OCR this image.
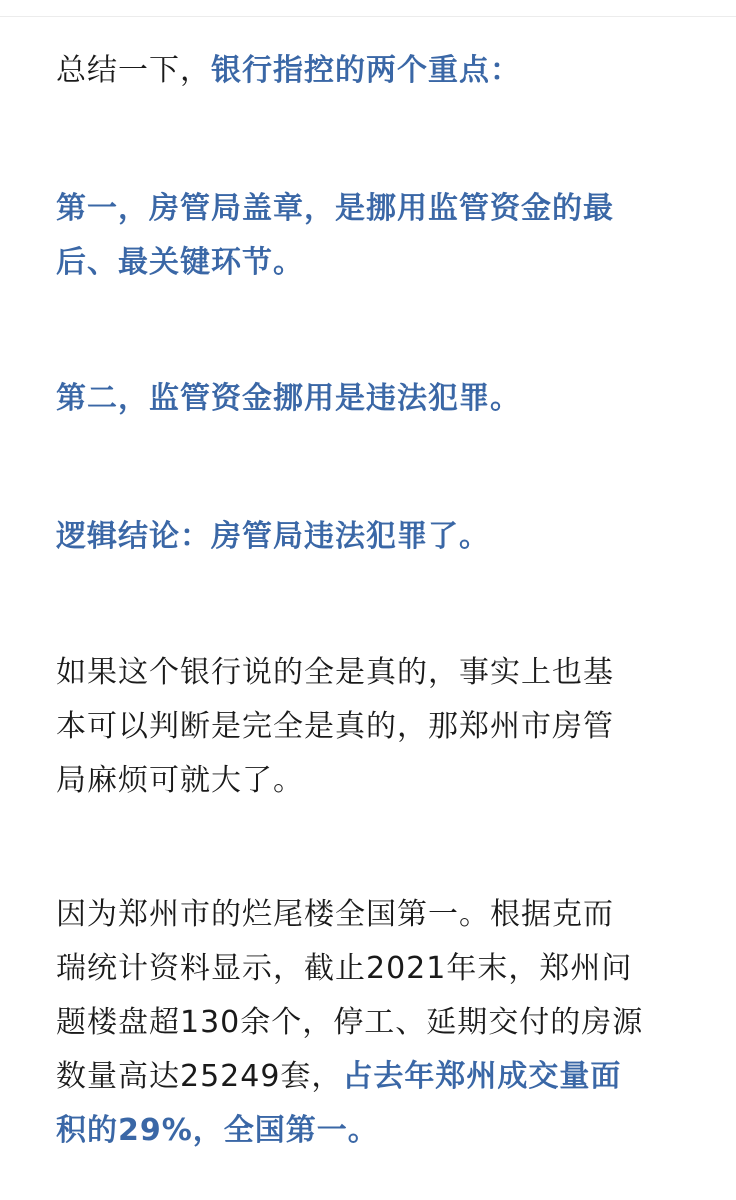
总结一下，银行指控的两个重点：

第一，房管局盖章，是挪用监管资金的最
后、最关键环节。

第二，监管资金挪用是违法犯罪。

逻辑结论：房管局违法犯罪了。

如果这个银行说的全是真的，事实上也基
本可以判断是完全是真的，那郑州市房管
局麻烦可就大了。

因为郑州市的烂尾楼全国第一。根据克而
瑞统计资料显示，截止2021年末，郑州问
题楼盘超130余个，停工、延期交付的房源
数量高达25249套，占去年郑州成交量面
积的29%，全国第一。
